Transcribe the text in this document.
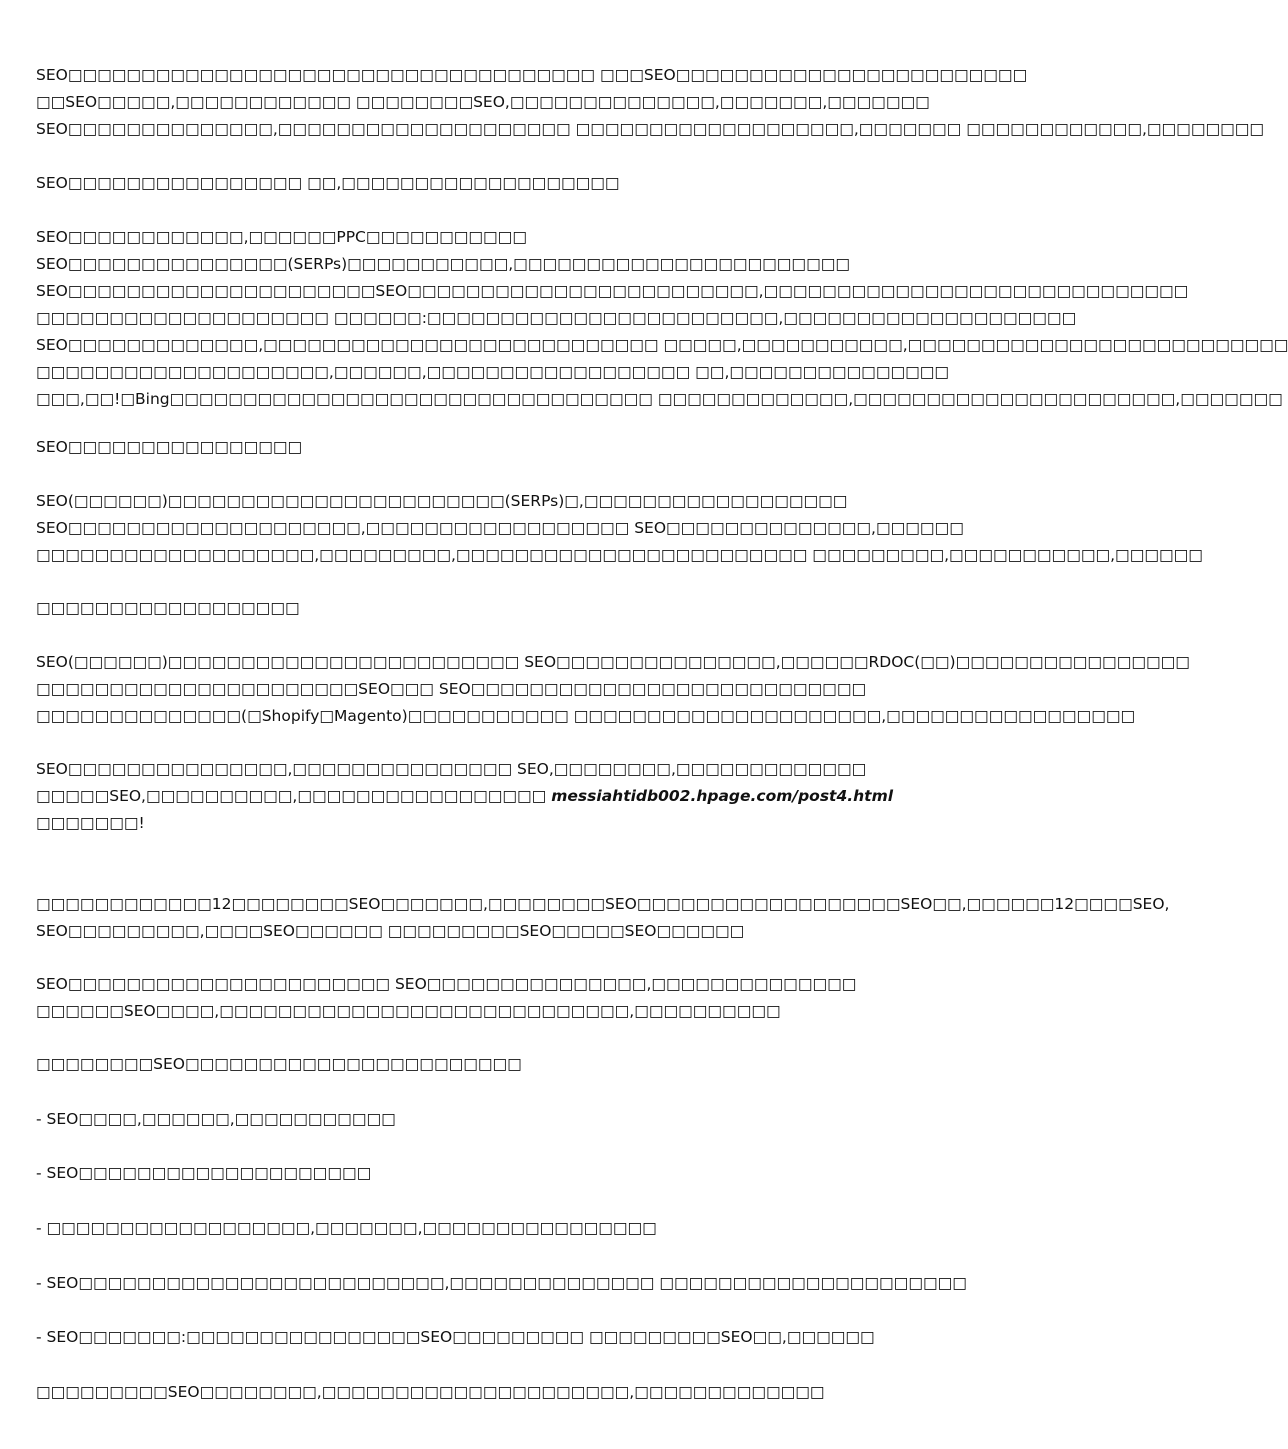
SEO□□□□□□□□□□□□□□□□□□□□□□□□□□□□□□□□□□□□ □□□SEO□□□□□□□□□□□□□□□□□□□□□□□□
□□SEO□□□□□,□□□□□□□□□□□□ □□□□□□□□SEO,□□□□□□□□□□□□□□,□□□□□□□,□□□□□□□
SEO□□□□□□□□□□□□□□,□□□□□□□□□□□□□□□□□□□□ □□□□□□□□□□□□□□□□□□□,□□□□□□□ □□□□□□□□□□□□,□□□□□□□□
SEO□□□□□□□□□□□□□□□□ □□,□□□□□□□□□□□□□□□□□□□
SEO□□□□□□□□□□□□,□□□□□□PPC□□□□□□□□□□□
SEO□□□□□□□□□□□□□□□(SERPs)□□□□□□□□□□□,□□□□□□□□□□□□□□□□□□□□□□□
SEO□□□□□□□□□□□□□□□□□□□□□SEO□□□□□□□□□□□□□□□□□□□□□□□□,□□□□□□□□□□□□□□□□□□□□□□□□□□□□□
□□□□□□□□□□□□□□□□□□□□ □□□□□□:□□□□□□□□□□□□□□□□□□□□□□□□,□□□□□□□□□□□□□□□□□□□□
SEO□□□□□□□□□□□□□,□□□□□□□□□□□□□□□□□□□□□□□□□□□ □□□□□,□□□□□□□□□□□,□□□□□□□□□□□□□□□□□□□□□□□□□□
□□□□□□□□□□□□□□□□□□□□,□□□□□□,□□□□□□□□□□□□□□□□□□ □□,□□□□□□□□□□□□□□□
□□□,□□!□Bing□□□□□□□□□□□□□□□□□□□□□□□□□□□□□□□□□ □□□□□□□□□□□□□,□□□□□□□□□□□□□□□□□□□□□□,□□□□□□□
SEO□□□□□□□□□□□□□□□□
SEO(□□□□□□)□□□□□□□□□□□□□□□□□□□□□□□(SERPs)□,□□□□□□□□□□□□□□□□□□
SEO□□□□□□□□□□□□□□□□□□□□,□□□□□□□□□□□□□□□□□□ SEO□□□□□□□□□□□□□□,□□□□□□
□□□□□□□□□□□□□□□□□□□,□□□□□□□□□,□□□□□□□□□□□□□□□□□□□□□□□□ □□□□□□□□□,□□□□□□□□□□□,□□□□□□
□□□□□□□□□□□□□□□□□□
SEO(□□□□□□)□□□□□□□□□□□□□□□□□□□□□□□□ SEO□□□□□□□□□□□□□□□,□□□□□□RDOC(□□)□□□□□□□□□□□□□□□□
□□□□□□□□□□□□□□□□□□□□□□SEO□□□ SEO□□□□□□□□□□□□□□□□□□□□□□□□□□□
□□□□□□□□□□□□□□(□Shopify□Magento)□□□□□□□□□□□ □□□□□□□□□□□□□□□□□□□□□,□□□□□□□□□□□□□□□□□
SEO□□□□□□□□□□□□□□□,□□□□□□□□□□□□□□□ SEO,□□□□□□□□,□□□□□□□□□□□□□
□□□□□SEO,□□□□□□□□□□,□□□□□□□□□□□□□□□□□ messiahtidb002.hpage.com/post4.html
□□□□□□□!
□□□□□□□□□□□□12□□□□□□□□SEO□□□□□□□,□□□□□□□□SEO□□□□□□□□□□□□□□□□□□SEO□□,□□□□□□12□□□□SEO,
SEO□□□□□□□□□,□□□□SEO□□□□□□ □□□□□□□□□SEO□□□□□SEO□□□□□□
SEO□□□□□□□□□□□□□□□□□□□□□□ SEO□□□□□□□□□□□□□□□,□□□□□□□□□□□□□□
□□□□□□SEO□□□□,□□□□□□□□□□□□□□□□□□□□□□□□□□□□,□□□□□□□□□□
□□□□□□□□SEO□□□□□□□□□□□□□□□□□□□□□□□
- SEO□□□□,□□□□□□,□□□□□□□□□□□
- SEO□□□□□□□□□□□□□□□□□□□□
- □□□□□□□□□□□□□□□□□□,□□□□□□□,□□□□□□□□□□□□□□□□
- SEO□□□□□□□□□□□□□□□□□□□□□□□□□,□□□□□□□□□□□□□□ □□□□□□□□□□□□□□□□□□□□□
- SEO□□□□□□□:□□□□□□□□□□□□□□□□SEO□□□□□□□□□ □□□□□□□□□SEO□□,□□□□□□
□□□□□□□□□SEO□□□□□□□□,□□□□□□□□□□□□□□□□□□□□□,□□□□□□□□□□□□□
